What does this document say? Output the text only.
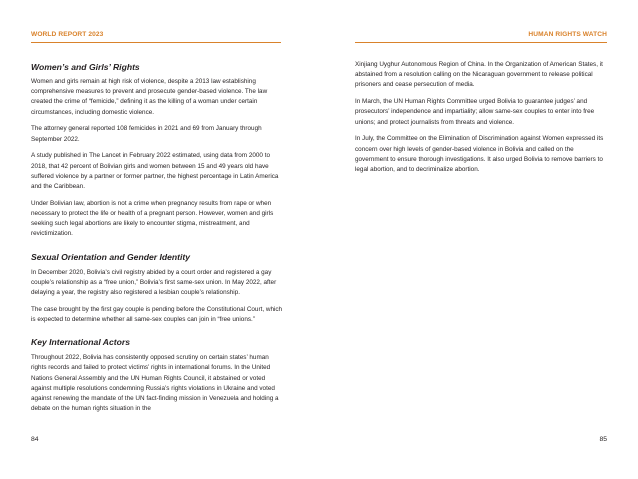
WORLD REPORT 2023
Women’s and Girls’ Rights

Women and girls remain at high risk of violence, despite a 2013 law establishing comprehensive measures to prevent and prosecute gender-based violence. The law created the crime of “femicide,” defining it as the killing of a woman under certain circumstances, including domestic violence.

The attorney general reported 108 femicides in 2021 and 69 from January through September 2022.

A study published in The Lancet in February 2022 estimated, using data from 2000 to 2018, that 42 percent of Bolivian girls and women between 15 and 49 years old have suffered violence by a partner or former partner, the highest percentage in Latin America and the Caribbean.

Under Bolivian law, abortion is not a crime when pregnancy results from rape or when necessary to protect the life or health of a pregnant person. However, women and girls seeking such legal abortions are likely to encounter stigma, mistreatment, and revictimization.

Sexual Orientation and Gender Identity

In December 2020, Bolivia’s civil registry abided by a court order and registered a gay couple’s relationship as a “free union,” Bolivia’s first same-sex union. In May 2022, after delaying a year, the registry also registered a lesbian couple’s relationship.

The case brought by the first gay couple is pending before the Constitutional Court, which is expected to determine whether all same-sex couples can join in “free unions.”

Key International Actors

Throughout 2022, Bolivia has consistently opposed scrutiny on certain states’ human rights records and failed to protect victims’ rights in international forums. In the United Nations General Assembly and the UN Human Rights Council, it abstained or voted against multiple resolutions condemning Russia’s rights violations in Ukraine and voted against renewing the mandate of the UN fact-finding mission in Venezuela and holding a debate on the human rights situation in the

84
HUMAN RIGHTS WATCH

Xinjiang Uyghur Autonomous Region of China. In the Organization of American States, it abstained from a resolution calling on the Nicaraguan government to release political prisoners and cease persecution of media.

In March, the UN Human Rights Committee urged Bolivia to guarantee judges’ and prosecutors’ independence and impartiality; allow same-sex couples to enter into free unions; and protect journalists from threats and violence.

In July, the Committee on the Elimination of Discrimination against Women expressed its concern over high levels of gender-based violence in Bolivia and called on the government to ensure thorough investigations. It also urged Bolivia to remove barriers to legal abortion, and to decriminalize abortion.

85
